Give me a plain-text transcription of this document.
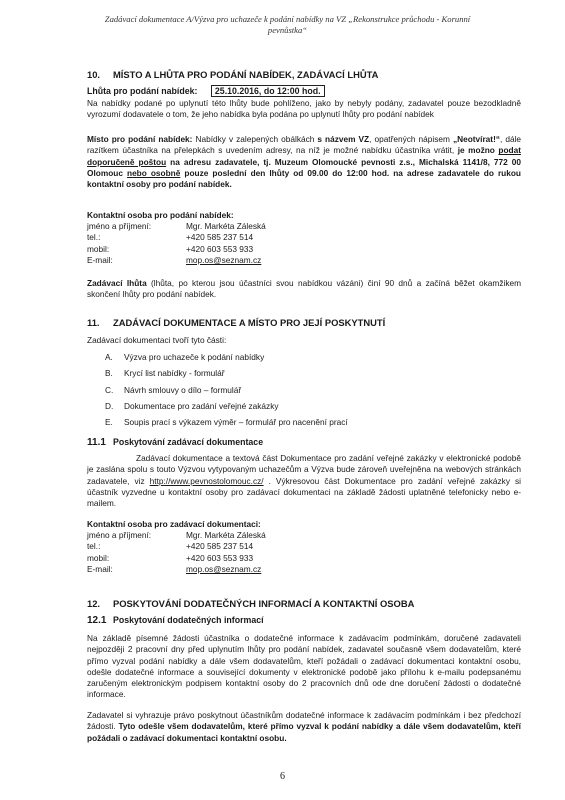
Zadávací dokumentace A/Výzva pro uchazeče k podání nabídky na VZ „Rekonstrukce průchodu - Korunní
pevnůstka“
10. MÍSTO A LHŮTA PRO PODÁNÍ NABÍDEK, ZADÁVACÍ LHŮTA
Lhůta pro podání nabídek: 25.10.2016, do 12:00 hod.
Na nabídky podané po uplynutí této lhůty bude pohlíženo, jako by nebyly podány, zadavatel pouze bezodkladně vyrozumí dodavatele o tom, že jeho nabídka byla podána po uplynutí lhůty pro podání nabídek
Místo pro podání nabídek: Nabídky v zalepených obálkách s názvem VZ, opatřených nápisem „Neotvírat!“, dále razítkem účastníka na přelepkách s uvedením adresy, na níž je možné nabídku účastníka vrátit, je možno podat doporučeně poštou na adresu zadavatele, tj. Muzeum Olomoucké pevnosti z.s., Michalská 1141/8, 772 00 Olomouc nebo osobně pouze poslední den lhůty od 09.00 do 12:00 hod. na adrese zadavatele do rukou kontaktní osoby pro podání nabídek.
Kontaktní osoba pro podání nabídek:
jméno a příjmení:	Mgr. Markéta Záleská
tel.:	+420 585 237 514
mobil:	+420 603 553 933
E-mail:	mop.os@seznam.cz
Zadávací lhůta (lhůta, po kterou jsou účastníci svou nabídkou vázáni) činí 90 dnů a začíná běžet okamžikem skončení lhůty pro podání nabídek.
11. ZADÁVACÍ DOKUMENTACE A MÍSTO PRO JEJÍ POSKYTNUTÍ
Zadávací dokumentaci tvoří tyto části:
A. Výzva pro uchazeče k podání nabídky
B. Krycí list nabídky - formulář
C. Návrh smlouvy o dílo – formulář
D. Dokumentace pro zadání veřejné zakázky
E. Soupis prací s výkazem výměr – formulář pro nacenění prací
11.1 Poskytování zadávací dokumentace
Zadávací dokumentace a textová část Dokumentace pro zadání veřejné zakázky v elektronické podobě je zaslána spolu s touto Výzvou vytypovaným uchazečům a Výzva bude zároveň uveřejněna na webových stránkách zadavatele, viz http://www.pevnostolomouc.cz/ . Výkresovou část Dokumentace pro zadání veřejné zakázky si účastník vyzvedne u kontaktní osoby pro zadávací dokumentaci na základě žádosti uplatněné telefonicky nebo e-mailem.
Kontaktní osoba pro zadávací dokumentaci:
jméno a příjmení:	Mgr. Markéta Záleská
tel.:	+420 585 237 514
mobil:	+420 603 553 933
E-mail:	mop.os@seznam.cz
12. POSKYTOVÁNÍ DODATEČNÝCH INFORMACÍ A KONTAKTNÍ OSOBA
12.1 Poskytování dodatečných informací
Na základě písemné žádosti účastníka o dodatečné informace k zadávacím podmínkám, doručené zadavateli nejpozději 2 pracovní dny před uplynutím lhůty pro podání nabídek, zadavatel současně všem dodavatelům, které přímo vyzval podání nabídky a dále všem dodavatelům, kteří požádali o zadávací dokumentaci kontaktní osobu, odešle dodatečné informace a související dokumenty v elektronické podobě jako přílohu k e-mailu podepsanému zaručeným elektronickým podpisem kontaktní osoby do 2 pracovních dnů ode dne doručení žádosti o dodatečné informace.
Zadavatel si vyhrazuje právo poskytnout účastníkům dodatečné informace k zadávacím podmínkám i bez předchozí žádosti. Tyto odešle všem dodavatelům, které přímo vyzval k podání nabídky a dále všem dodavatelům, kteří požádali o zadávací dokumentaci kontaktní osobu.
6
